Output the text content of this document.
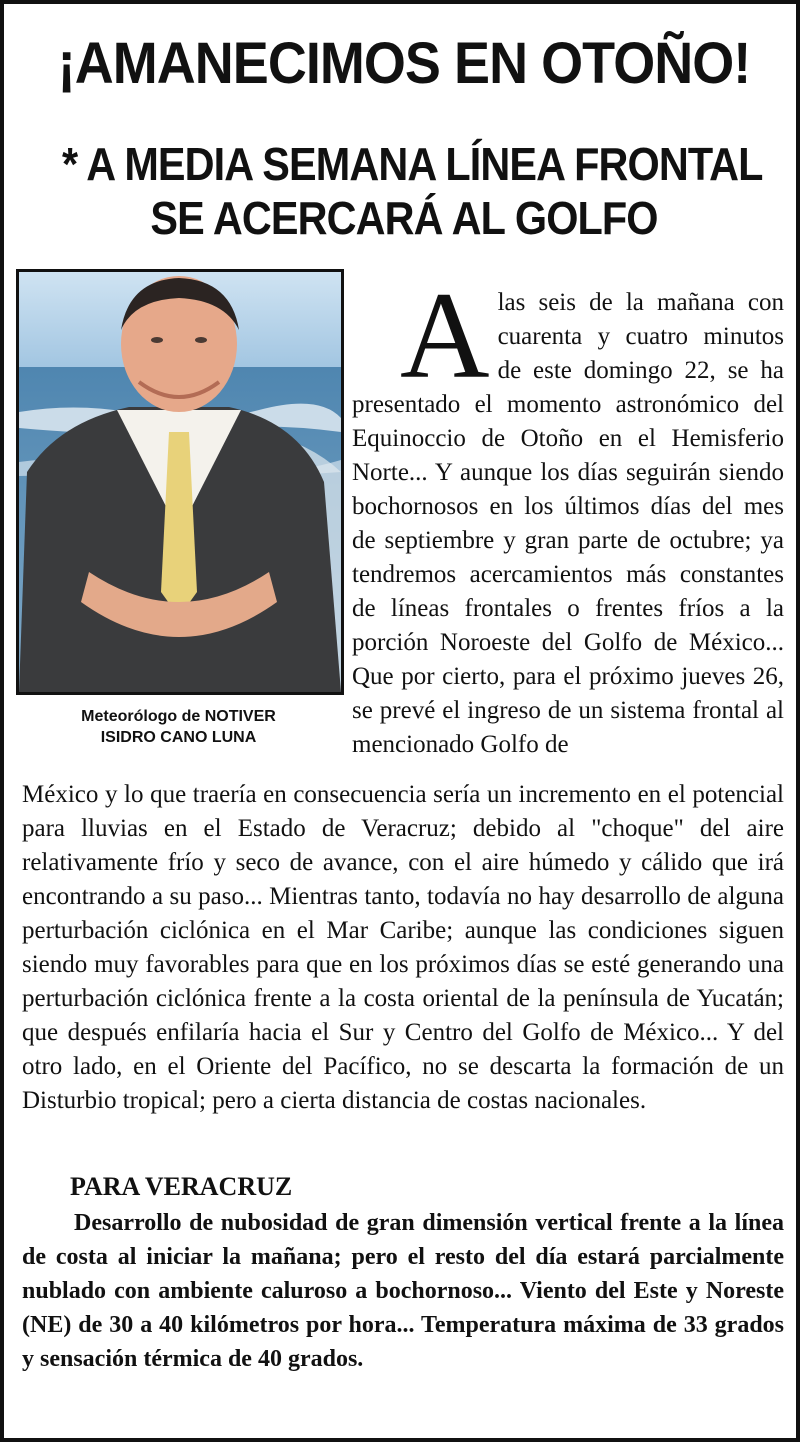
¡AMANECIMOS EN OTOÑO!
* A MEDIA SEMANA LÍNEA FRONTAL
SE ACERCARÁ AL GOLFO
Meteorólogo de NOTIVER
ISIDRO CANO LUNA

Alas seis de la mañana con cuarenta y cuatro minutos de este domingo 22, se ha presentado el momento astronómico del Equinoccio de Otoño en el Hemisferio Norte... Y aunque los días seguirán siendo bochornosos en los últimos días del mes de septiembre y gran parte de octubre; ya tendremos acercamientos más constantes de líneas frontales o frentes fríos a la porción Noroeste del Golfo de México... Que por cierto, para el próximo jueves 26, se prevé el ingreso de un sistema frontal al mencionado Golfo de

México y lo que traería en consecuencia sería un incremento en el potencial para lluvias en el Estado de Veracruz; debido al "choque" del aire relativamente frío y seco de avance, con el aire húmedo y cálido que irá encontrando a su paso... Mientras tanto, todavía no hay desarrollo de alguna perturbación ciclónica en el Mar Caribe; aunque las condiciones siguen siendo muy favorables para que en los próximos días se esté generando una perturbación ciclónica frente a la costa oriental de la península de Yucatán; que después enfilaría hacia el Sur y Centro del Golfo de México... Y del otro lado, en el Oriente del Pacífico, no se descarta la formación de un Disturbio tropical; pero a cierta distancia de costas nacionales.

PARA VERACRUZ

Desarrollo de nubosidad de gran dimensión vertical frente a la línea de costa al iniciar la mañana; pero el resto del día estará parcialmente nublado con ambiente caluroso a bochornoso... Viento del Este y Noreste (NE) de 30 a 40 kilómetros por hora... Temperatura máxima de 33 grados y sensación térmica de 40 grados.
